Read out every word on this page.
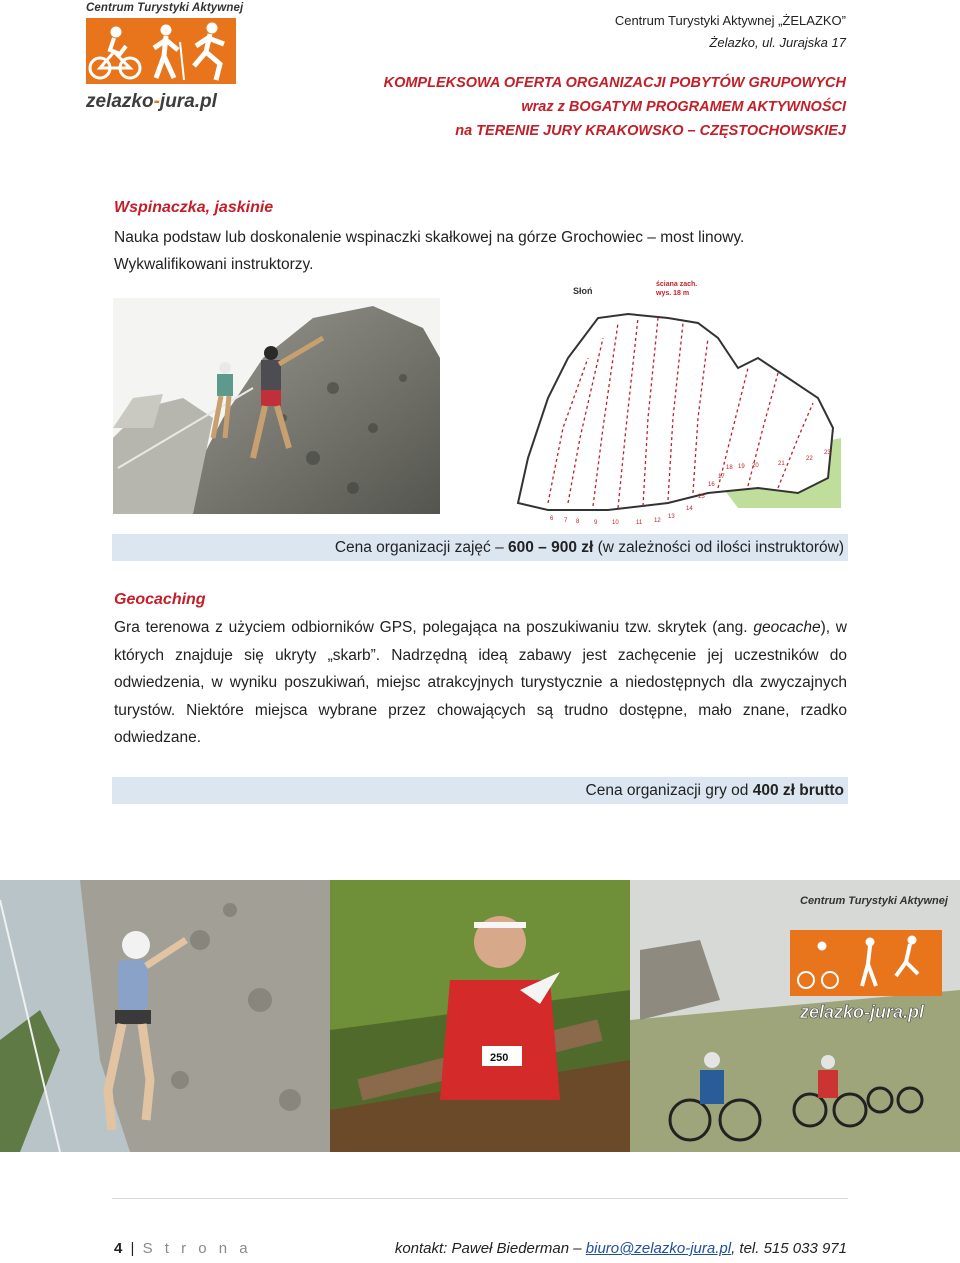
Centrum Turystyki Aktywnej
zelazko-jura.pl
Centrum Turystyki Aktywnej „ŻELAZKO”
Żelazko, ul. Jurajska 17
KOMPLEKSOWA OFERTA ORGANIZACJI POBYTÓW GRUPOWYCH
wraz z BOGATYM PROGRAMEM AKTYWNOŚCI
na TERENIE JURY KRAKOWSKO – CZĘSTOCHOWSKIEJ
Wspinaczka, jaskinie
Nauka podstaw lub doskonalenie wspinaczki skałkowej na górze Grochowiec – most linowy.
Wykwalifikowani instruktorzy.
Słoń
ściana zach.
wys. 18 m
6 7 8 9 10	11 12
13
14
15
16
17
18 19 20	21
22
23
Cena organizacji zajęć – 600 – 900 zł (w zależności od ilości instruktorów)
Geocaching
Gra terenowa z użyciem odbiorników GPS, polegająca na poszukiwaniu tzw. skrytek (ang. geocache), w których znajduje się ukryty „skarb”. Nadrzędną ideą zabawy jest zachęcenie jej uczestników do odwiedzenia, w wyniku poszukiwań, miejsc atrakcyjnych turystycznie a niedostępnych dla zwyczajnych turystów. Niektóre miejsca wybrane przez chowających są trudno dostępne, mało znane, rzadko odwiedzane.
Cena organizacji gry od 400 zł brutto
250
Centrum Turystyki Aktywnej
zelazko-jura.pl
4 | S t r o n a	kontakt: Paweł Biederman – biuro@zelazko-jura.pl, tel. 515 033 971
